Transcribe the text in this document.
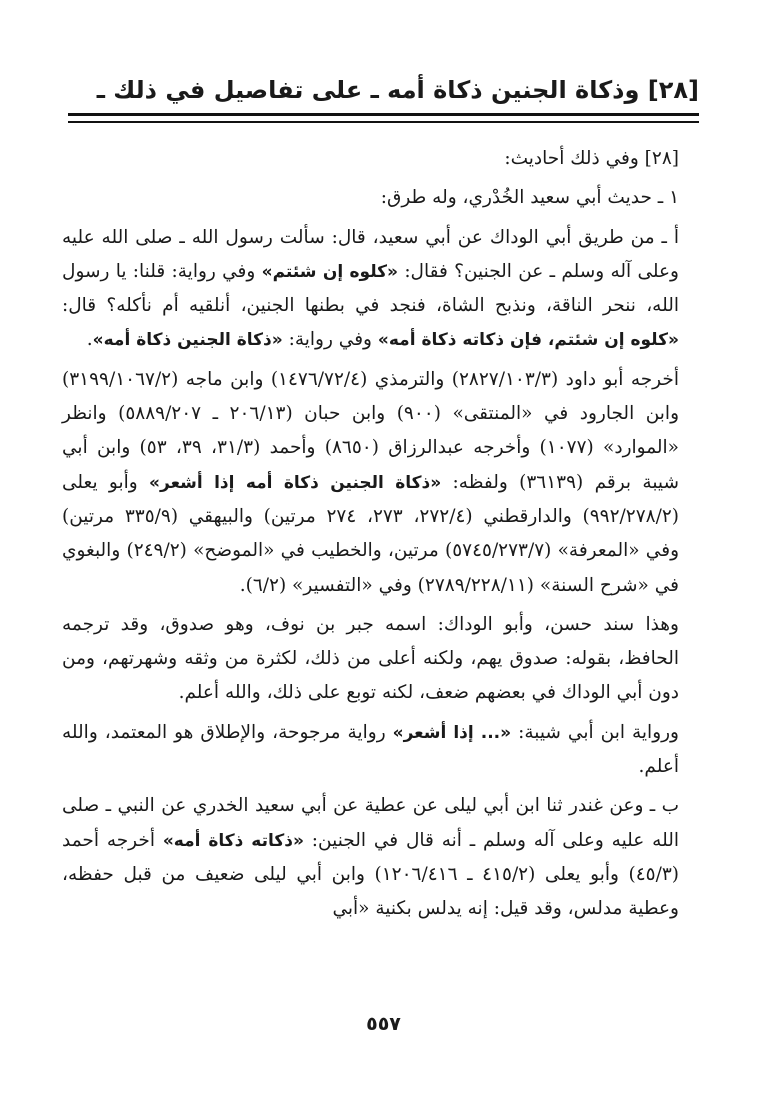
[٢٨] وذكاة الجنين ذكاة أمه ـ على تفاصيل في ذلك ـ

[٢٨] وفي ذلك أحاديث:

١ ـ حديث أبي سعيد الخُدْري، وله طرق:

أ ـ من طريق أبي الوداك عن أبي سعيد، قال: سألت رسول الله ـ صلى الله عليه وعلى آله وسلم ـ عن الجنين؟ فقال: «كلوه إن شئتم» وفي رواية: قلنا: يا رسول الله، ننحر الناقة، ونذبح الشاة، فنجد في بطنها الجنين، أنلقيه أم نأكله؟ قال: «كلوه إن شئتم، فإن ذكاته ذكاة أمه» وفي رواية: «ذكاة الجنين ذكاة أمه».

أخرجه أبو داود (٢٨٢٧/١٠٣/٣) والترمذي (١٤٧٦/٧٢/٤) وابن ماجه (٣١٩٩/١٠٦٧/٢) وابن الجارود في «المنتقى» (٩٠٠) وابن حبان (٢٠٦/١٣ ـ ٥٨٨٩/٢٠٧) وانظر «الموارد» (١٠٧٧) وأخرجه عبدالرزاق (٨٦٥٠) وأحمد (٣١/٣، ٣٩، ٥٣) وابن أبي شيبة برقم (٣٦١٣٩) ولفظه: «ذكاة الجنين ذكاة أمه إذا أشعر» وأبو يعلى (٩٩٢/٢٧٨/٢) والدارقطني (٢٧٢/٤، ٢٧٣، ٢٧٤ مرتين) والبيهقي (٣٣٥/٩ مرتين) وفي «المعرفة» (٥٧٤٥/٢٧٣/٧) مرتين، والخطيب في «الموضح» (٢٤٩/٢) والبغوي في «شرح السنة» (٢٧٨٩/٢٢٨/١١) وفي «التفسير» (٦/٢).

وهذا سند حسن، وأبو الوداك: اسمه جبر بن نوف، وهو صدوق، وقد ترجمه الحافظ، بقوله: صدوق يهم، ولكنه أعلى من ذلك، لكثرة من وثقه وشهرتهم، ومن دون أبي الوداك في بعضهم ضعف، لكنه توبع على ذلك، والله أعلم.

ورواية ابن أبي شيبة: «... إذا أشعر» رواية مرجوحة، والإطلاق هو المعتمد، والله أعلم.

ب ـ وعن غندر ثنا ابن أبي ليلى عن عطية عن أبي سعيد الخدري عن النبي ـ صلى الله عليه وعلى آله وسلم ـ أنه قال في الجنين: «ذكاته ذكاة أمه» أخرجه أحمد (٤٥/٣) وأبو يعلى (٤١٥/٢ ـ ١٢٠٦/٤١٦) وابن أبي ليلى ضعيف من قبل حفظه، وعطية مدلس، وقد قيل: إنه يدلس بكنية «أبي

٥٥٧
